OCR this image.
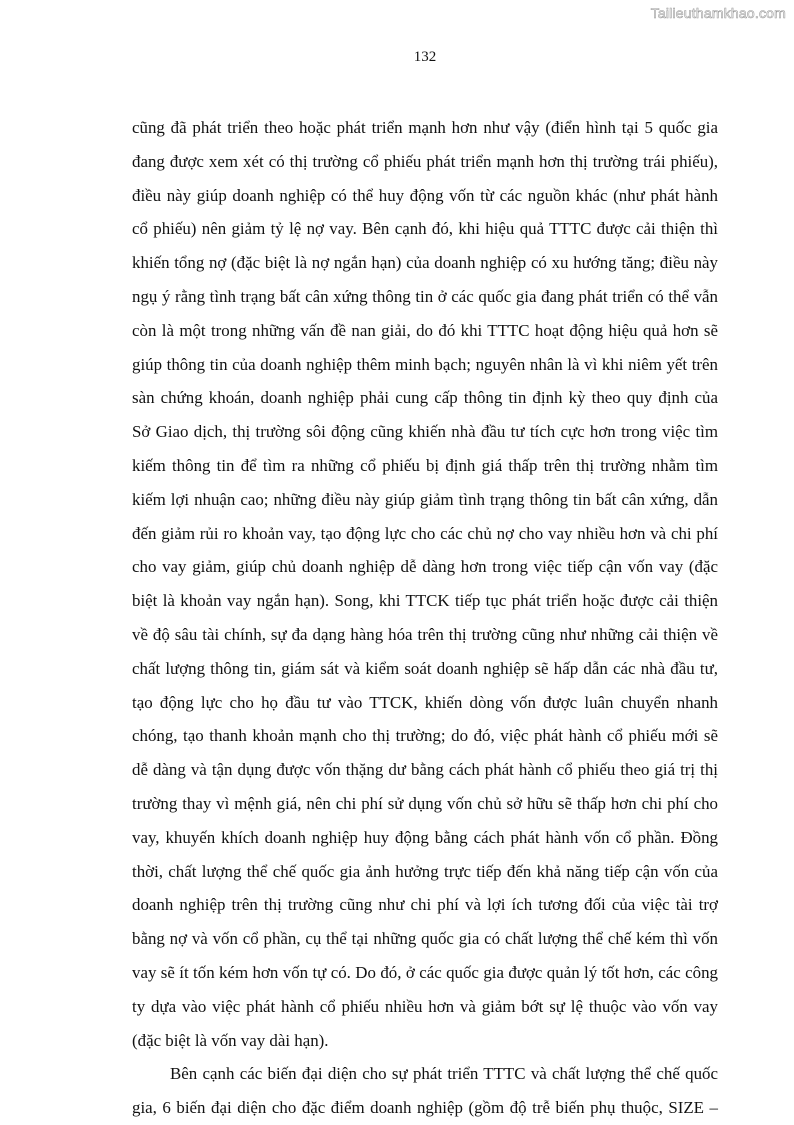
Tailieuthamkhao.com
132

cũng đã phát triển theo hoặc phát triển mạnh hơn như vậy (điển hình tại 5 quốc gia
đang được xem xét có thị trường cổ phiếu phát triển mạnh hơn thị trường trái phiếu),
điều này giúp doanh nghiệp có thể huy động vốn từ các nguồn khác (như phát hành
cổ phiếu) nên giảm tỷ lệ nợ vay. Bên cạnh đó, khi hiệu quả TTTC được cải thiện thì
khiến tổng nợ (đặc biệt là nợ ngắn hạn) của doanh nghiệp có xu hướng tăng; điều này
ngụ ý rằng tình trạng bất cân xứng thông tin ở các quốc gia đang phát triển có thể vẫn
còn là một trong những vấn đề nan giải, do đó khi TTTC hoạt động hiệu quả hơn sẽ
giúp thông tin của doanh nghiệp thêm minh bạch; nguyên nhân là vì khi niêm yết trên
sàn chứng khoán, doanh nghiệp phải cung cấp thông tin định kỳ theo quy định của
Sở Giao dịch, thị trường sôi động cũng khiến nhà đầu tư tích cực hơn trong việc tìm
kiếm thông tin để tìm ra những cổ phiếu bị định giá thấp trên thị trường nhằm tìm
kiếm lợi nhuận cao; những điều này giúp giảm tình trạng thông tin bất cân xứng, dẫn
đến giảm rủi ro khoản vay, tạo động lực cho các chủ nợ cho vay nhiều hơn và chi phí
cho vay giảm, giúp chủ doanh nghiệp dễ dàng hơn trong việc tiếp cận vốn vay (đặc
biệt là khoản vay ngắn hạn). Song, khi TTCK tiếp tục phát triển hoặc được cải thiện
về độ sâu tài chính, sự đa dạng hàng hóa trên thị trường cũng như những cải thiện về
chất lượng thông tin, giám sát và kiểm soát doanh nghiệp sẽ hấp dẫn các nhà đầu tư,
tạo động lực cho họ đầu tư vào TTCK, khiến dòng vốn được luân chuyển nhanh
chóng, tạo thanh khoản mạnh cho thị trường; do đó, việc phát hành cổ phiếu mới sẽ
dễ dàng và tận dụng được vốn thặng dư bằng cách phát hành cổ phiếu theo giá trị thị
trường thay vì mệnh giá, nên chi phí sử dụng vốn chủ sở hữu sẽ thấp hơn chi phí cho
vay, khuyến khích doanh nghiệp huy động bằng cách phát hành vốn cổ phần. Đồng
thời, chất lượng thể chế quốc gia ảnh hưởng trực tiếp đến khả năng tiếp cận vốn của
doanh nghiệp trên thị trường cũng như chi phí và lợi ích tương đối của việc tài trợ
bằng nợ và vốn cổ phần, cụ thể tại những quốc gia có chất lượng thể chế kém thì vốn
vay sẽ ít tốn kém hơn vốn tự có. Do đó, ở các quốc gia được quản lý tốt hơn, các công
ty dựa vào việc phát hành cổ phiếu nhiều hơn và giảm bớt sự lệ thuộc vào vốn vay
(đặc biệt là vốn vay dài hạn).

Bên cạnh các biến đại diện cho sự phát triển TTTC và chất lượng thể chế quốc
gia, 6 biến đại diện cho đặc điểm doanh nghiệp (gồm độ trễ biến phụ thuộc, SIZE –
